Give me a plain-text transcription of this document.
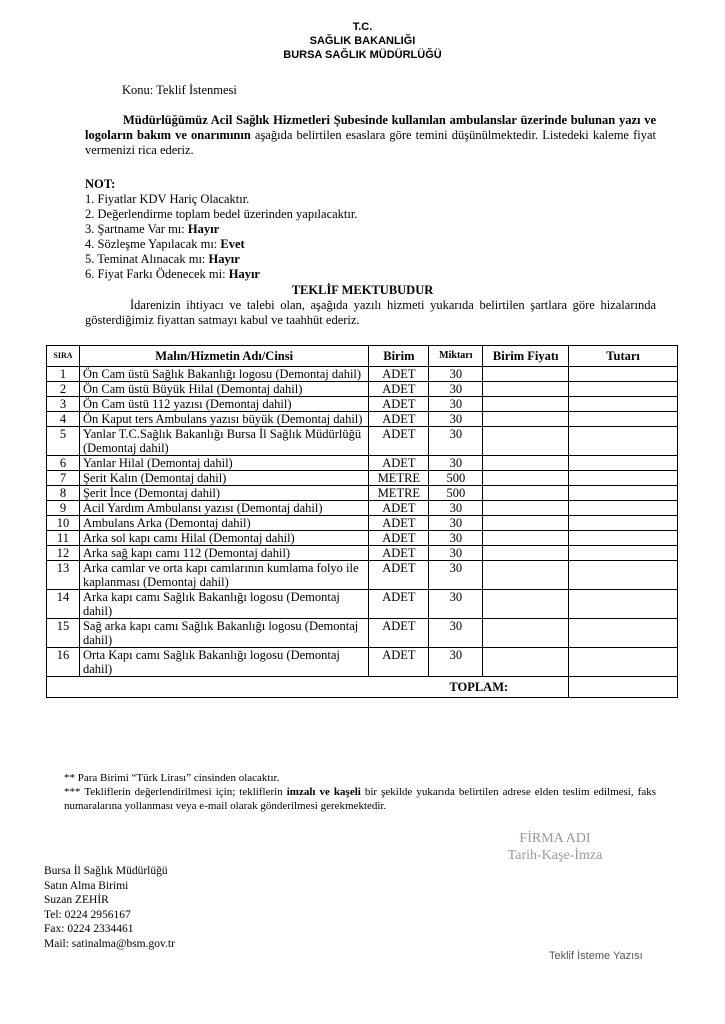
T.C.
SAĞLIK BAKANLIĞI
BURSA SAĞLIK MÜDÜRLÜĞÜ
Konu: Teklif İstenmesi
Müdürlüğümüz Acil Sağlık Hizmetleri Şubesinde kullanılan ambulanslar üzerinde bulunan yazı ve logoların bakım ve onarımının aşağıda belirtilen esaslara göre temini düşünülmektedir. Listedeki kaleme fiyat vermenizi rica ederiz.
NOT:
1. Fiyatlar KDV Hariç Olacaktır.
2. Değerlendirme toplam bedel üzerinden yapılacaktır.
3. Şartname Var mı: Hayır
4. Sözleşme Yapılacak mı: Evet
5. Teminat Alınacak mı: Hayır
6. Fiyat Farkı Ödenecek mi: Hayır
TEKLİF MEKTUBUDUR
İdarenizin ihtiyacı ve talebi olan, aşağıda yazılı hizmeti yukarıda belirtilen şartlara göre hizalarında gösterdiğimiz fiyattan satmayı kabul ve taahhüt ederiz.
SIRA	Malın/Hizmetin Adı/Cinsi	Birim	Miktarı	Birim Fiyatı	Tutarı
1	Ön Cam üstü Sağlık Bakanlığı logosu (Demontaj dahil)	ADET	30		
2	Ön Cam üstü Büyük Hilal (Demontaj dahil)	ADET	30		
3	Ön Cam üstü 112 yazısı (Demontaj dahil)	ADET	30		
4	Ön Kaput ters Ambulans yazısı büyük (Demontaj dahil)	ADET	30		
5	Yanlar T.C.Sağlık Bakanlığı Bursa İl Sağlık Müdürlüğü (Demontaj dahil)	ADET	30		
6	Yanlar Hilal (Demontaj dahil)	ADET	30		
7	Şerit Kalın (Demontaj dahil)	METRE	500		
8	Şerit İnce (Demontaj dahil)	METRE	500		
9	Acil Yardım Ambulansı yazısı (Demontaj dahil)	ADET	30		
10	Ambulans Arka (Demontaj dahil)	ADET	30		
11	Arka sol kapı camı Hilal (Demontaj dahil)	ADET	30		
12	Arka sağ kapı camı 112 (Demontaj dahil)	ADET	30		
13	Arka camlar ve orta kapı camlarının kumlama folyo ile kaplanması (Demontaj dahil)	ADET	30		
14	Arka kapı camı Sağlık Bakanlığı logosu (Demontaj dahil)	ADET	30		
15	Sağ arka kapı camı Sağlık Bakanlığı logosu (Demontaj dahil)	ADET	30		
16	Orta Kapı camı Sağlık Bakanlığı logosu (Demontaj dahil)	ADET	30		
TOPLAM:					
** Para Birimi “Türk Lirası” cinsinden olacaktır.
*** Tekliflerin değerlendirilmesi için; tekliflerin imzalı ve kaşeli bir şekilde yukarıda belirtilen adrese elden teslim edilmesi, faks numaralarına yollanması veya e-mail olarak gönderilmesi gerekmektedir.
FİRMA ADI
Tarih-Kaşe-İmza
Bursa İl Sağlık Müdürlüğü
Satın Alma Birimi
Suzan ZEHİR
Tel: 0224 2956167
Fax: 0224 2334461
Mail: satinalma@bsm.gov.tr
Teklif İsteme Yazısı
